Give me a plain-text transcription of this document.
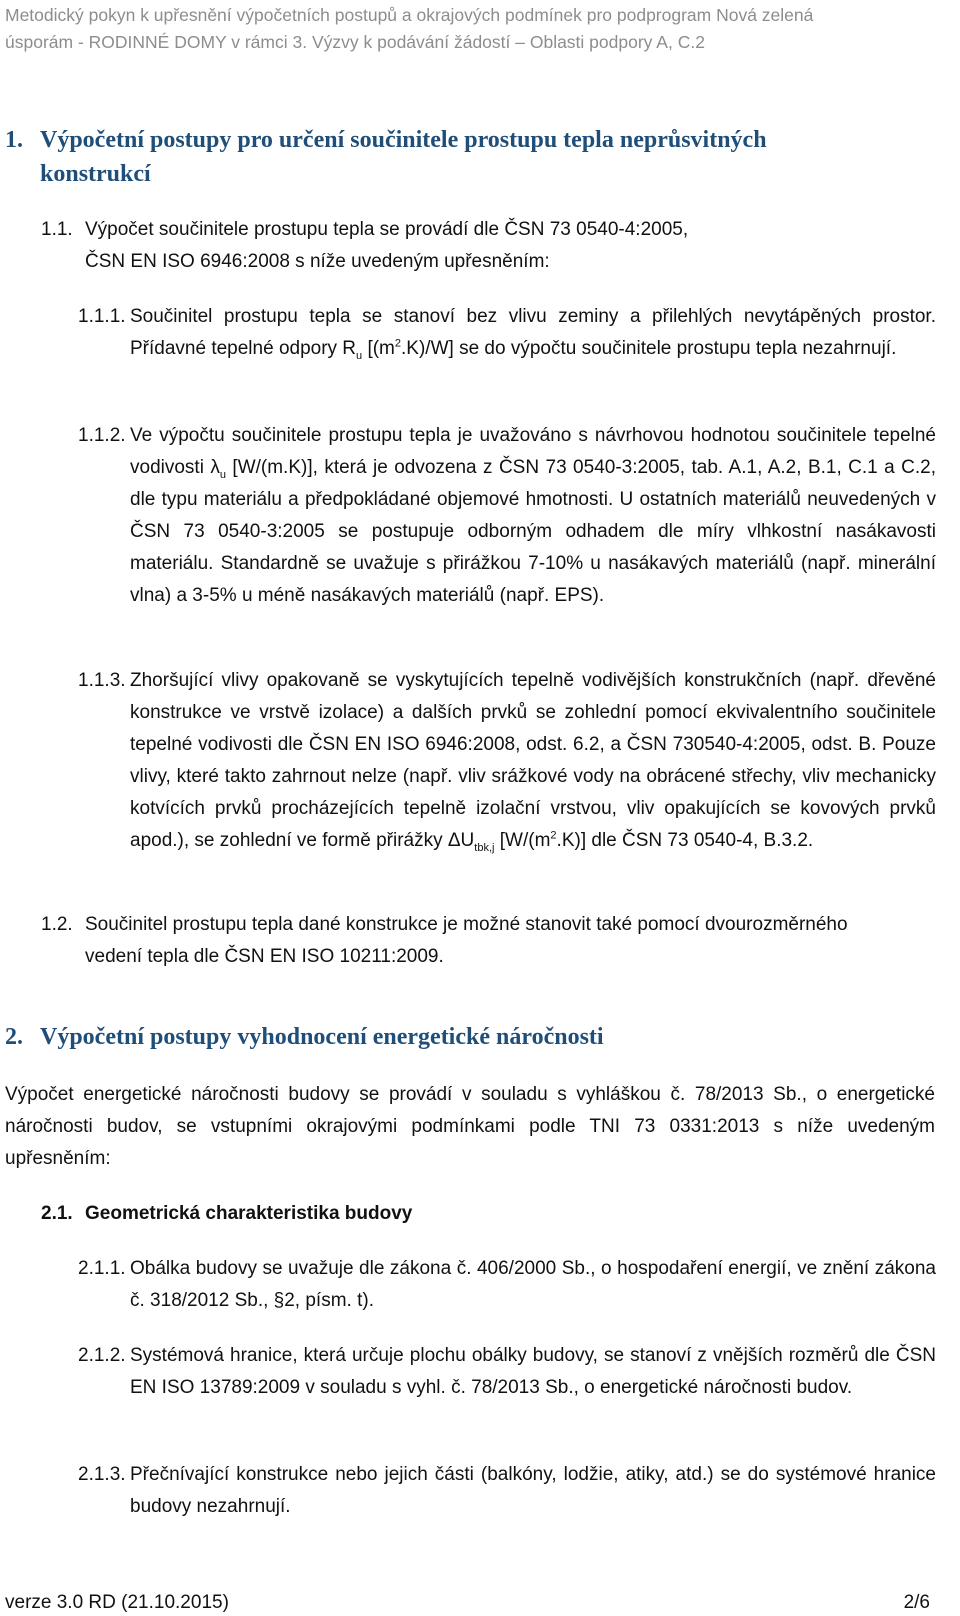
Metodický pokyn k upřesnění výpočetních postupů a okrajových podmínek pro podprogram Nová zelená
úsporám - RODINNÉ DOMY v rámci 3. Výzvy k podávání žádostí – Oblasti podpory A, C.2
1. Výpočetní postupy pro určení součinitele prostupu tepla neprůsvitných
konstrukcí
1.1. Výpočet součinitele prostupu tepla se provádí dle ČSN 73 0540-4:2005,
ČSN EN ISO 6946:2008 s níže uvedeným upřesněním:
1.1.1. Součinitel prostupu tepla se stanoví bez vlivu zeminy a přilehlých nevytápěných prostor. Přídavné tepelné odpory $R_u$ $[(m^2.K)/W]$ se do výpočtu součinitele prostupu tepla nezahrnují.
1.1.2. Ve výpočtu součinitele prostupu tepla je uvažováno s návrhovou hodnotou součinitele tepelné vodivosti $\lambda_u$ [W/(m.K)], která je odvozena z ČSN 73 0540-3:2005, tab. A.1, A.2, B.1, C.1 a C.2, dle typu materiálu a předpokládané objemové hmotnosti. U ostatních materiálů neuvedených v ČSN 73 0540-3:2005 se postupuje odborným odhadem dle míry vlhkostní nasákavosti materiálu. Standardně se uvažuje s přirážkou 7-10% u nasákavých materiálů (např. minerální vlna) a 3-5% u méně nasákavých materiálů (např. EPS).
1.1.3. Zhoršující vlivy opakovaně se vyskytujících tepelně vodivějších konstrukčních (např. dřevěné konstrukce ve vrstvě izolace) a dalších prvků se zohlední pomocí ekvivalentního součinitele tepelné vodivosti dle ČSN EN ISO 6946:2008, odst. 6.2, a ČSN 730540-4:2005, odst. B. Pouze vlivy, které takto zahrnout nelze (např. vliv srážkové vody na obrácené střechy, vliv mechanicky kotvících prvků procházejících tepelně izolační vrstvou, vliv opakujících se kovových prvků apod.), se zohlední ve formě přirážky $\Delta U_{tbk,j}$ $[W/(m^2.K)]$ dle ČSN 73 0540-4, B.3.2.
1.2. Součinitel prostupu tepla dané konstrukce je možné stanovit také pomocí dvourozměrného
vedení tepla dle ČSN EN ISO 10211:2009.
2. Výpočetní postupy vyhodnocení energetické náročnosti
Výpočet energetické náročnosti budovy se provádí v souladu s vyhláškou č. 78/2013 Sb., o energetické náročnosti budov, se vstupními okrajovými podmínkami podle TNI 73 0331:2013 s níže uvedeným upřesněním:
2.1. Geometrická charakteristika budovy
2.1.1. Obálka budovy se uvažuje dle zákona č. 406/2000 Sb., o hospodaření energií, ve znění zákona č. 318/2012 Sb., §2, písm. t).
2.1.2. Systémová hranice, která určuje plochu obálky budovy, se stanoví z vnějších rozměrů dle ČSN EN ISO 13789:2009 v souladu s vyhl. č. 78/2013 Sb., o energetické náročnosti budov.
2.1.3. Přečnívající konstrukce nebo jejich části (balkóny, lodžie, atiky, atd.) se do systémové hranice budovy nezahrnují.
verze 3.0 RD (21.10.2015)	2/6
